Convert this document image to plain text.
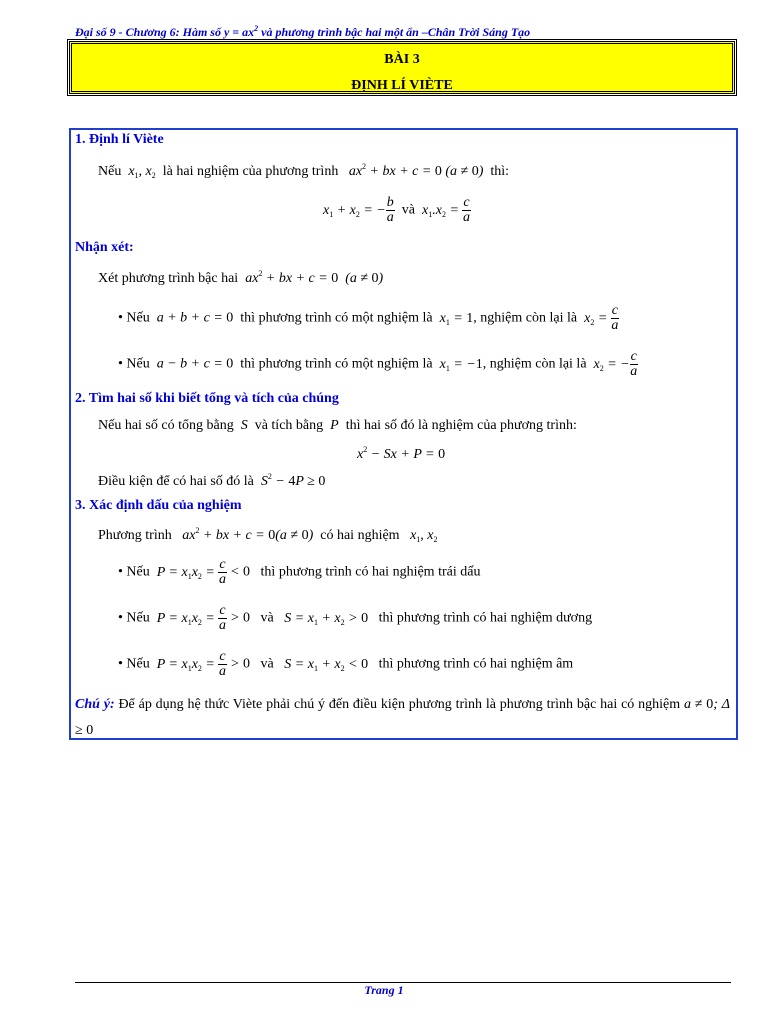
Đại số 9 - Chương 6: Hàm số $y = ax^2$ và phương trình bậc hai một ẩn –Chân Trời Sáng Tạo
BÀI 3
ĐỊNH LÍ VIÈTE
1. Định lí Viète
Nếu  $x_1$, $x_2$ là hai nghiệm của phương trình   $ax^2$ + bx + c = 0 (a ≠ 0)  thì:
$x_1 + x_2$ = − $\frac{b}{a}$ và $x_1.x_2 = \frac{c}{a}$
Nhận xét:
Xét phương trình bậc hai  $ax^2$ + bx + c = 0  (a ≠ 0)
• Nếu  a + b + c = 0 thì phương trình có một nghiệm là  $x_1 = 1$, nghiệm còn lại là  $x_2 = \frac{c}{a}$
• Nếu  a − b + c = 0 thì phương trình có một nghiệm là  $x_1 = -1$, nghiệm còn lại là  $x_2$ = − $\frac{c}{a}$
2. Tìm hai số khi biết tổng và tích của chúng
Nếu hai số có tổng bằng  S  và tích bằng  P  thì hai số đó là nghiệm của phương trình:
$x^2 - Sx + P = 0$
Điều kiện để có hai số đó là  $S^2 - 4P \ge 0$
3. Xác định dấu của nghiệm
Phương trình   $ax^2$ + bx + c = 0(a ≠ 0)  có hai nghiệm   $x_1$, $x_2$
• Nếu  $P = x_1x_2 = \frac{c}{a} < 0$ thì phương trình có hai nghiệm trái dấu
• Nếu  $P = x_1x_2 = \frac{c}{a} > 0$ và   $S = x_1 + x_2 > 0$ thì phương trình có hai nghiệm dương
• Nếu  $P = x_1x_2 = \frac{c}{a} > 0$ và   $S = x_1 + x_2 < 0$ thì phương trình có hai nghiệm âm
Chú ý: Để áp dụng hệ thức Viète phải chú ý đến điều kiện phương trình là phương trình bậc hai có nghiệm a ≠ 0; Δ ≥ 0
Trang 1
